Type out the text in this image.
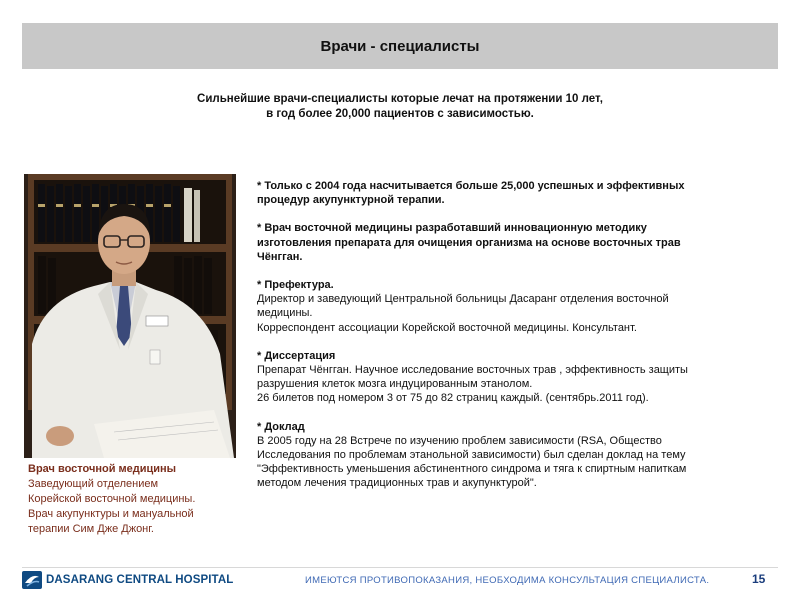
Врачи - специалисты
Сильнейшие врачи-специалисты которые лечат на протяжении 10 лет,
в год более 20,000 пациентов с зависимостью.
Врач восточной медицины
Заведующий отделением
Корейской восточной медицины.
Врач акупунктуры и мануальной
терапии Сим Дже Джонг.
* Только с 2004 года насчитывается больше 25,000 успешных и эффективных
процедур акупунктурной терапии.
* Врач восточной медицины разработавший инновационную методику
изготовления препарата для очищения организма на основе восточных трав
Чёнгган.
* Префектура.
Директор и заведующий Центральной больницы Дасаранг отделения восточной
медицины.
Корреспондент ассоциации Корейской восточной медицины. Консультант.
* Диссертация
Препарат Чёнгган. Научное исследование восточных трав , эффективность защиты
разрушения клеток мозга индуцированным этанолом.
26 билетов под номером 3 от 75 до 82 страниц каждый. (сентябрь.2011 год).
* Доклад
В 2005 году на 28 Встрече по изучению проблем зависимости (RSA, Общество
Исследования по проблемам этанольной зависимости) был сделан доклад на тему
"Эффективность уменьшения абстинентного синдрома и тяга к спиртным напиткам
методом лечения традиционных трав и акупунктурой".
DASARANG CENTRAL HOSPITAL	ИМЕЮТСЯ ПРОТИВОПОКАЗАНИЯ, НЕОБХОДИМА КОНСУЛЬТАЦИЯ СПЕЦИАЛИСТА.	15
